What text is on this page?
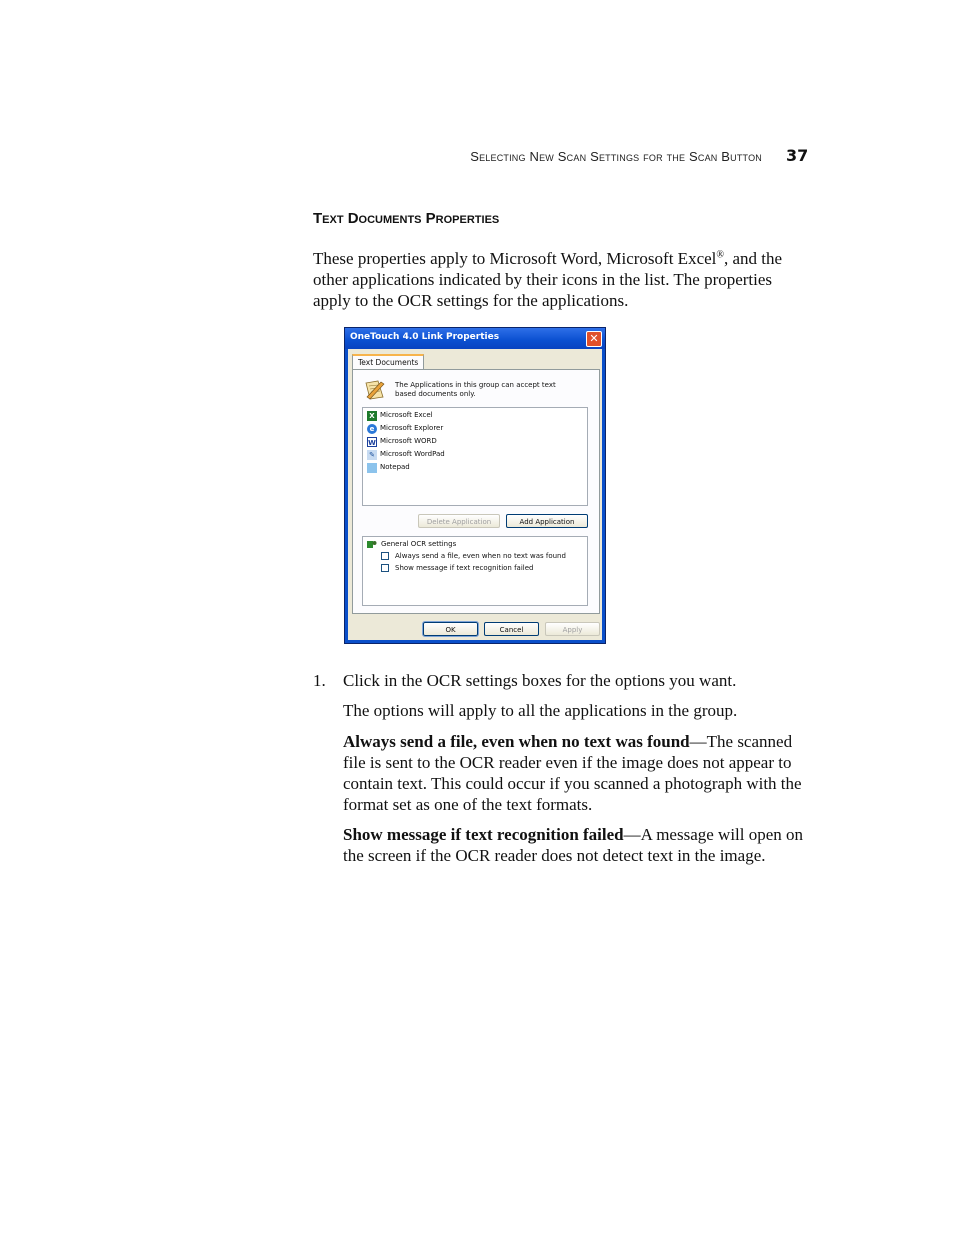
Selecting New Scan Settings for the Scan Button 37
Text Documents Properties
These properties apply to Microsoft Word, Microsoft Excel®, and the other applications indicated by their icons in the list. The properties apply to the OCR settings for the applications.
OneTouch 4.0 Link Properties	✕
Text Documents
The Applications in this group can accept text based documents only.
X Microsoft Excel
e Microsoft Explorer
W Microsoft WORD
✎ Microsoft WordPad
Notepad
Delete Application	Add Application
General OCR settings
Always send a file, even when no text was found
Show message if text recognition failed
OK	Cancel	Apply
1. Click in the OCR settings boxes for the options you want.
The options will apply to all the applications in the group.
Always send a file, even when no text was found—The scanned file is sent to the OCR reader even if the image does not appear to contain text. This could occur if you scanned a photograph with the format set as one of the text formats.
Show message if text recognition failed—A message will open on the screen if the OCR reader does not detect text in the image.
